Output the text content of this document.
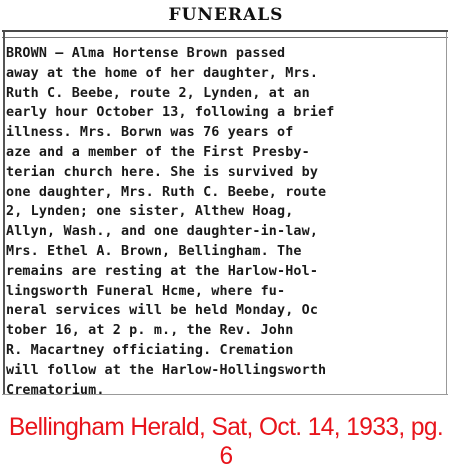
FUNERALS
BROWN — Alma Hortense Brown passed
away at the home of her daughter, Mrs.
Ruth C. Beebe, route 2, Lynden, at an
early hour October 13, following a brief
illness. Mrs. Borwn was 76 years of
aze and a member of the First Presby-
terian church here. She is survived by
one daughter, Mrs. Ruth C. Beebe, route
2, Lynden; one sister, Althew Hoag,
Allyn, Wash., and one daughter-in-law,
Mrs. Ethel A. Brown, Bellingham. The
remains are resting at the Harlow-Hol-
lingsworth Funeral Hcme, where fu-
neral services will be held Monday, Oc
tober 16, at 2 p. m., the Rev. John
R. Macartney officiating. Cremation
will follow at the Harlow-Hollingsworth
Crematorium.
Bellingham Herald, Sat, Oct. 14, 1933, pg. 6
